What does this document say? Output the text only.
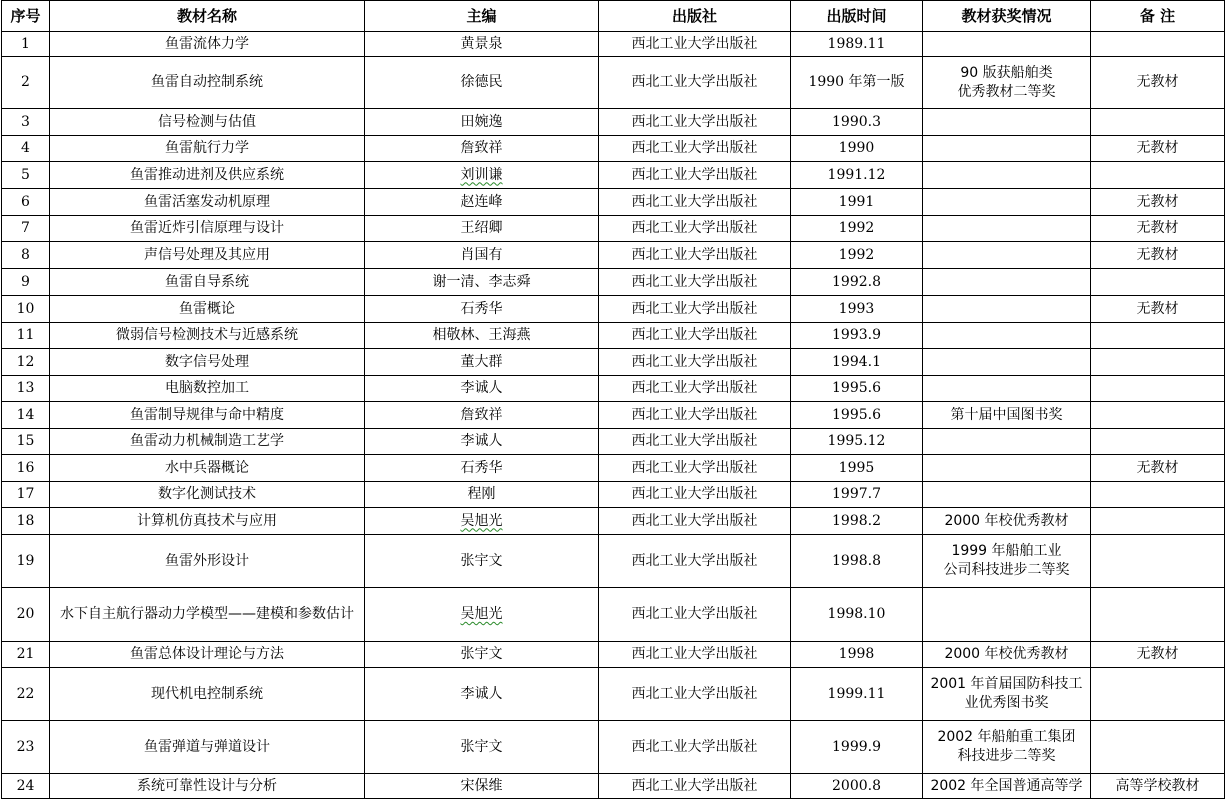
序号	教材名称	主编	出版社	出版时间	教材获奖情况	备 注
1	鱼雷流体力学	黄景泉	西北工业大学出版社	1989.11		
2	鱼雷自动控制系统	徐德民	西北工业大学出版社	1990 年第一版	90 版获船舶类
优秀教材二等奖	无教材
3	信号检测与估值	田婉逸	西北工业大学出版社	1990.3		
4	鱼雷航行力学	詹致祥	西北工业大学出版社	1990		无教材
5	鱼雷推动进剂及供应系统	刘训谦	西北工业大学出版社	1991.12		
6	鱼雷活塞发动机原理	赵连峰	西北工业大学出版社	1991		无教材
7	鱼雷近炸引信原理与设计	王绍卿	西北工业大学出版社	1992		无教材
8	声信号处理及其应用	肖国有	西北工业大学出版社	1992		无教材
9	鱼雷自导系统	谢一清、李志舜	西北工业大学出版社	1992.8		
10	鱼雷概论	石秀华	西北工业大学出版社	1993		无教材
11	微弱信号检测技术与近感系统	相敬林、王海燕	西北工业大学出版社	1993.9		
12	数字信号处理	董大群	西北工业大学出版社	1994.1		
13	电脑数控加工	李诚人	西北工业大学出版社	1995.6		
14	鱼雷制导规律与命中精度	詹致祥	西北工业大学出版社	1995.6	第十届中国图书奖	
15	鱼雷动力机械制造工艺学	李诚人	西北工业大学出版社	1995.12		
16	水中兵器概论	石秀华	西北工业大学出版社	1995		无教材
17	数字化测试技术	程刚	西北工业大学出版社	1997.7		
18	计算机仿真技术与应用	吴旭光	西北工业大学出版社	1998.2	2000 年校优秀教材	
19	鱼雷外形设计	张宇文	西北工业大学出版社	1998.8	1999 年船舶工业
公司科技进步二等奖	
20	水下自主航行器动力学模型——建模和参数估计	吴旭光	西北工业大学出版社	1998.10		
21	鱼雷总体设计理论与方法	张宇文	西北工业大学出版社	1998	2000 年校优秀教材	无教材
22	现代机电控制系统	李诚人	西北工业大学出版社	1999.11	2001 年首届国防科技工
业优秀图书奖	
23	鱼雷弹道与弹道设计	张宇文	西北工业大学出版社	1999.9	2002 年船舶重工集团
科技进步二等奖	
24	系统可靠性设计与分析	宋保维	西北工业大学出版社	2000.8	2002 年全国普通高等学	高等学校教材
